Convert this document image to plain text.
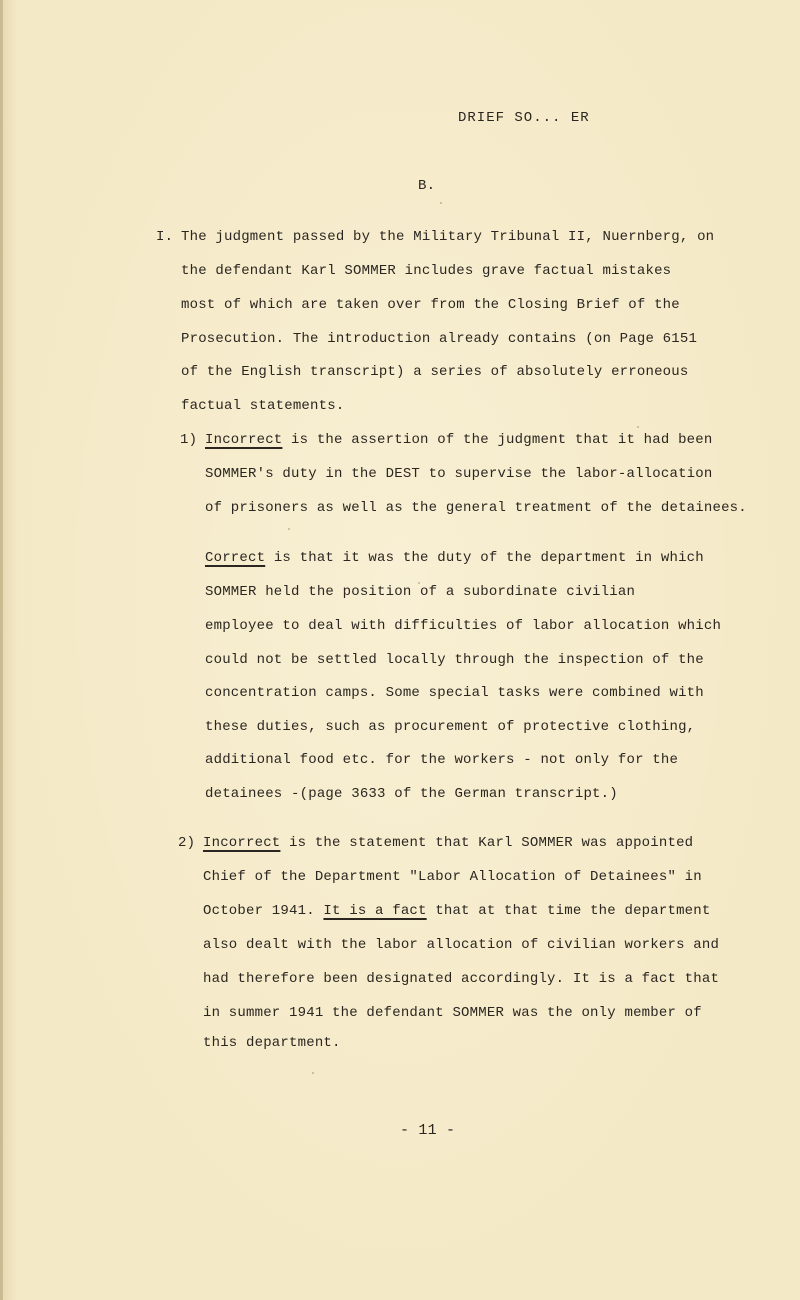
DRIEF SO... ER
B.
I. The judgment passed by the Military Tribunal II, Nuernberg, on
the defendant Karl SOMMER includes grave factual mistakes
most of which are taken over from the Closing Brief of the
Prosecution. The introduction already contains (on Page 6151
of the English transcript) a series of absolutely erroneous
factual statements.
1) Incorrect is the assertion of the judgment that it had been
SOMMER's duty in the DEST to supervise the labor-allocation
of prisoners as well as the general treatment of the detainees.
Correct is that it was the duty of the department in which
SOMMER held the position of a subordinate civilian
employee to deal with difficulties of labor allocation which
could not be settled locally through the inspection of the
concentration camps. Some special tasks were combined with
these duties, such as procurement of protective clothing,
additional food etc. for the workers - not only for the
detainees -(page 3633 of the German transcript.)
2) Incorrect is the statement that Karl SOMMER was appointed
Chief of the Department "Labor Allocation of Detainees" in
October 1941. It is a fact that at that time the department
also dealt with the labor allocation of civilian workers and
had therefore been designated accordingly. It is a fact that
in summer 1941 the defendant SOMMER was the only member of
this department.
- 11 -
